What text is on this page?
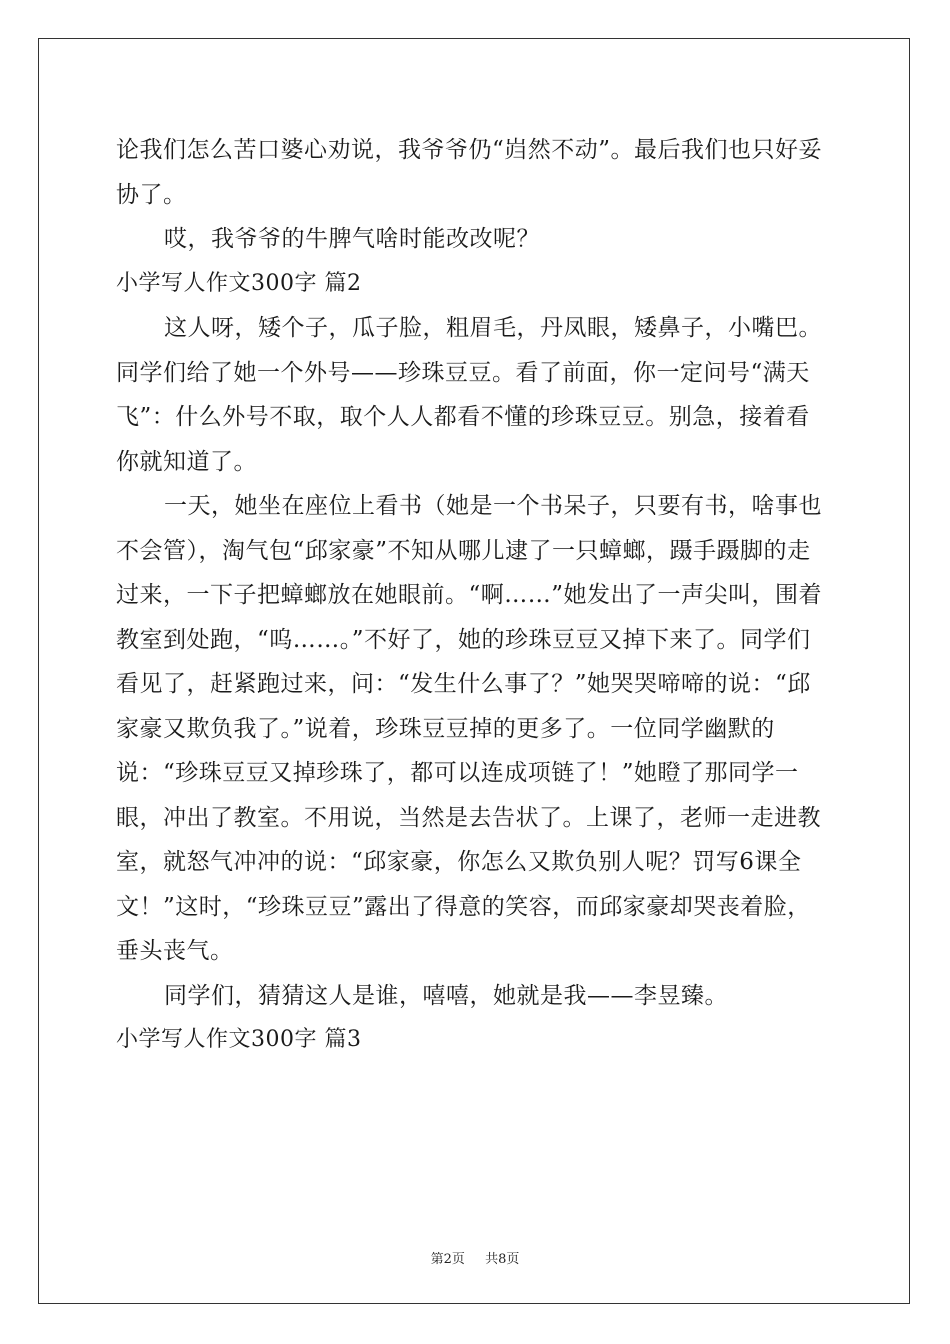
论我们怎么苦口婆心劝说，我爷爷仍“岿然不动”。最后我们也只好妥协了。

哎，我爷爷的牛脾气啥时能改改呢？

小学写人作文300字 篇2

这人呀，矮个子，瓜子脸，粗眉毛，丹凤眼，矮鼻子，小嘴巴。同学们给了她一个外号——珍珠豆豆。看了前面，你一定问号“满天飞”：什么外号不取，取个人人都看不懂的珍珠豆豆。别急，接着看你就知道了。

一天，她坐在座位上看书（她是一个书呆子，只要有书，啥事也不会管），淘气包“邱家豪”不知从哪儿逮了一只蟑螂，蹑手蹑脚的走过来，一下子把蟑螂放在她眼前。“啊……”她发出了一声尖叫，围着教室到处跑，“呜……。”不好了，她的珍珠豆豆又掉下来了。同学们看见了，赶紧跑过来，问：“发生什么事了？”她哭哭啼啼的说：“邱家豪又欺负我了。”说着，珍珠豆豆掉的更多了。一位同学幽默的说：“珍珠豆豆又掉珍珠了，都可以连成项链了！”她瞪了那同学一眼，冲出了教室。不用说，当然是去告状了。上课了，老师一走进教室，就怒气冲冲的说：“邱家豪，你怎么又欺负别人呢？罚写6课全文！”这时，“珍珠豆豆”露出了得意的笑容，而邱家豪却哭丧着脸，垂头丧气。

同学们，猜猜这人是谁，嘻嘻，她就是我——李昱臻。

小学写人作文300字 篇3

第2页 共8页
